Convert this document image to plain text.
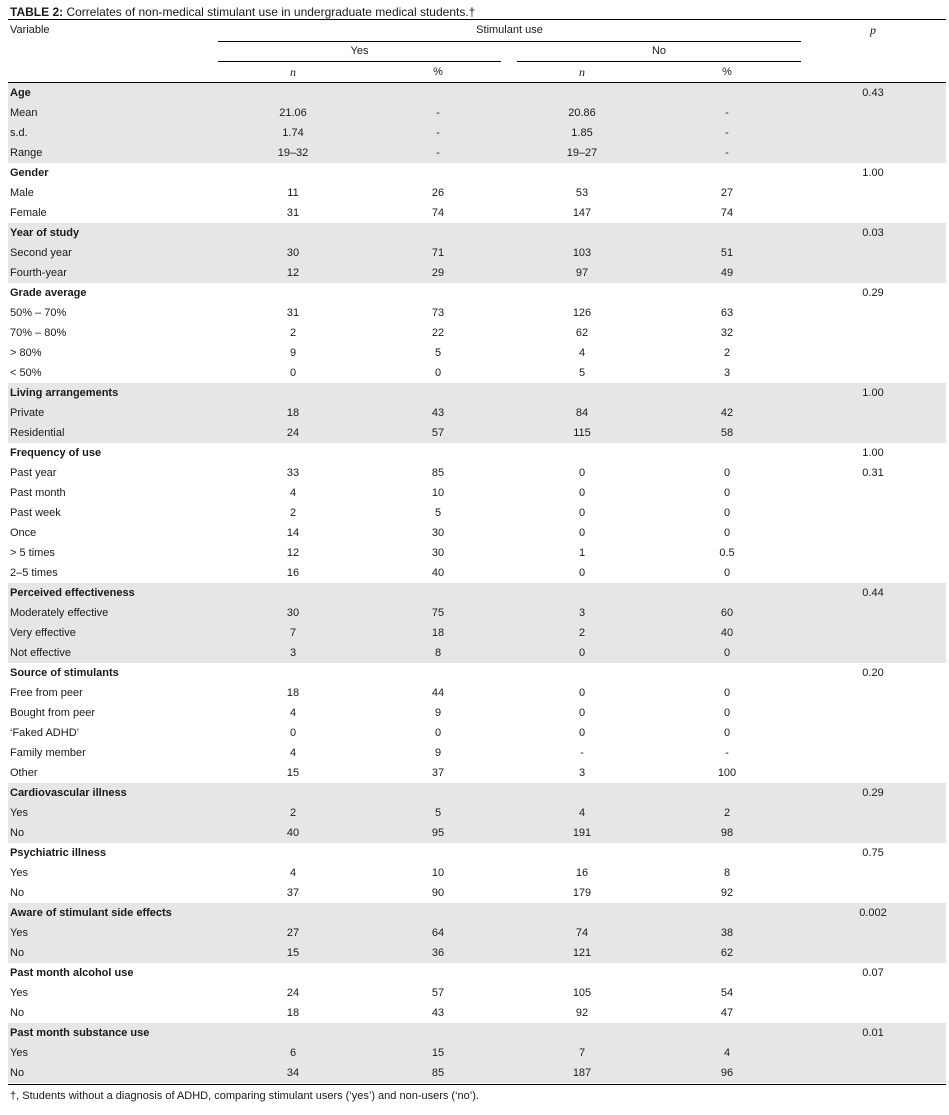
TABLE 2: Correlates of non-medical stimulant use in undergraduate medical students.†
Variable	Stimulant use	p
Yes	No
n	%	n	%
Age	0.43
Mean	21.06	-	20.86	-
s.d.	1.74	-	1.85	-
Range	19–32	-	19–27	-
Gender	1.00
Male	11	26	53	27
Female	31	74	147	74
Year of study	0.03
Second year	30	71	103	51
Fourth-year	12	29	97	49
Grade average	0.29
50% – 70%	31	73	126	63
70% – 80%	2	22	62	32
> 80%	9	5	4	2
< 50%	0	0	5	3
Living arrangements	1.00
Private	18	43	84	42
Residential	24	57	115	58
Frequency of use	1.00
Past year	33	85	0	0	0.31
Past month	4	10	0	0
Past week	2	5	0	0
Once	14	30	0	0
> 5 times	12	30	1	0.5
2–5 times	16	40	0	0
Perceived effectiveness	0.44
Moderately effective	30	75	3	60
Very effective	7	18	2	40
Not effective	3	8	0	0
Source of stimulants	0.20
Free from peer	18	44	0	0
Bought from peer	4	9	0	0
‘Faked ADHD’	0	0	0	0
Family member	4	9	-	-
Other	15	37	3	100
Cardiovascular illness	0.29
Yes	2	5	4	2
No	40	95	191	98
Psychiatric illness	0.75
Yes	4	10	16	8
No	37	90	179	92
Aware of stimulant side effects	0.002
Yes	27	64	74	38
No	15	36	121	62
Past month alcohol use	0.07
Yes	24	57	105	54
No	18	43	92	47
Past month substance use	0.01
Yes	6	15	7	4
No	34	85	187	96
†, Students without a diagnosis of ADHD, comparing stimulant users (‘yes’) and non-users (‘no’).
